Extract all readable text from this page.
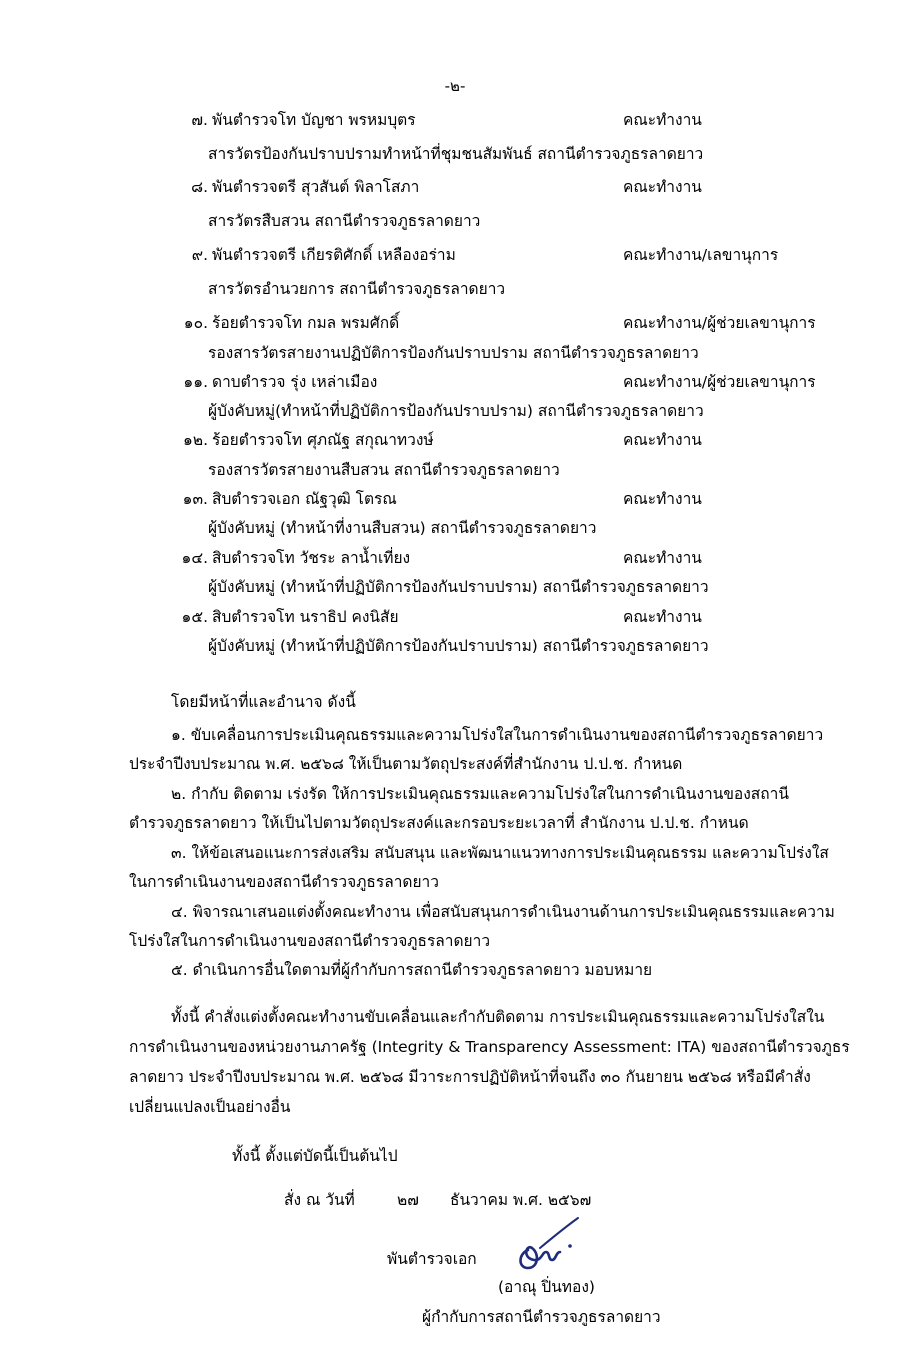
-๒-
๗. พันตำรวจโท บัญชา พรหมบุตร	คณะทำงาน
สารวัตรป้องกันปราบปรามทำหน้าที่ชุมชนสัมพันธ์ สถานีตำรวจภูธรลาดยาว
๘. พันตำรวจตรี สุวสันต์ พิลาโสภา	คณะทำงาน
สารวัตรสืบสวน สถานีตำรวจภูธรลาดยาว
๙. พันตำรวจตรี เกียรติศักดิ์ เหลืองอร่าม	คณะทำงาน/เลขานุการ
สารวัตรอำนวยการ สถานีตำรวจภูธรลาดยาว
๑๐. ร้อยตำรวจโท กมล พรมศักดิ์	คณะทำงาน/ผู้ช่วยเลขานุการ
รองสารวัตรสายงานปฏิบัติการป้องกันปราบปราม สถานีตำรวจภูธรลาดยาว
๑๑. ดาบตำรวจ รุ่ง เหล่าเมือง	คณะทำงาน/ผู้ช่วยเลขานุการ
ผู้บังคับหมู่(ทำหน้าที่ปฏิบัติการป้องกันปราบปราม) สถานีตำรวจภูธรลาดยาว
๑๒. ร้อยตำรวจโท ศุภณัฐ สกุณาทวงษ์	คณะทำงาน
รองสารวัตรสายงานสืบสวน สถานีตำรวจภูธรลาดยาว
๑๓. สิบตำรวจเอก ณัฐวุฒิ โตรณ	คณะทำงาน
ผู้บังคับหมู่ (ทำหน้าที่งานสืบสวน) สถานีตำรวจภูธรลาดยาว
๑๔. สิบตำรวจโท วัชระ ลาน้ำเที่ยง	คณะทำงาน
ผู้บังคับหมู่ (ทำหน้าที่ปฏิบัติการป้องกันปราบปราม) สถานีตำรวจภูธรลาดยาว
๑๕. สิบตำรวจโท นราธิป คงนิสัย	คณะทำงาน
ผู้บังคับหมู่ (ทำหน้าที่ปฏิบัติการป้องกันปราบปราม) สถานีตำรวจภูธรลาดยาว
โดยมีหน้าที่และอำนาจ ดังนี้
๑. ขับเคลื่อนการประเมินคุณธรรมและความโปร่งใสในการดำเนินงานของสถานีตำรวจภูธรลาดยาว
ประจำปีงบประมาณ พ.ศ. ๒๕๖๘ ให้เป็นตามวัตถุประสงค์ที่สำนักงาน ป.ป.ช. กำหนด
๒. กำกับ ติดตาม เร่งรัด ให้การประเมินคุณธรรมและความโปร่งใสในการดำเนินงานของสถานี
ตำรวจภูธรลาดยาว ให้เป็นไปตามวัตถุประสงค์และกรอบระยะเวลาที่ สำนักงาน ป.ป.ช. กำหนด
๓. ให้ข้อเสนอแนะการส่งเสริม สนับสนุน และพัฒนาแนวทางการประเมินคุณธรรม และความโปร่งใส
ในการดำเนินงานของสถานีตำรวจภูธรลาดยาว
๔. พิจารณาเสนอแต่งตั้งคณะทำงาน เพื่อสนับสนุนการดำเนินงานด้านการประเมินคุณธรรมและความ
โปร่งใสในการดำเนินงานของสถานีตำรวจภูธรลาดยาว
๕. ดำเนินการอื่นใดตามที่ผู้กำกับการสถานีตำรวจภูธรลาดยาว มอบหมาย
ทั้งนี้ คำสั่งแต่งตั้งคณะทำงานขับเคลื่อนและกำกับติดตาม การประเมินคุณธรรมและความโปร่งใสใน
การดำเนินงานของหน่วยงานภาครัฐ (Integrity & Transparency Assessment: ITA) ของสถานีตำรวจภูธร
ลาดยาว ประจำปีงบประมาณ พ.ศ. ๒๕๖๘ มีวาระการปฏิบัติหน้าที่จนถึง ๓๐ กันยายน ๒๕๖๘ หรือมีคำสั่ง
เปลี่ยนแปลงเป็นอย่างอื่น
ทั้งนี้ ตั้งแต่บัดนี้เป็นต้นไป
สั่ง ณ วันที่	๒๗ ธันวาคม พ.ศ. ๒๕๖๗
พันตำรวจเอก
(อาณุ ปิ่นทอง)
ผู้กำกับการสถานีตำรวจภูธรลาดยาว
